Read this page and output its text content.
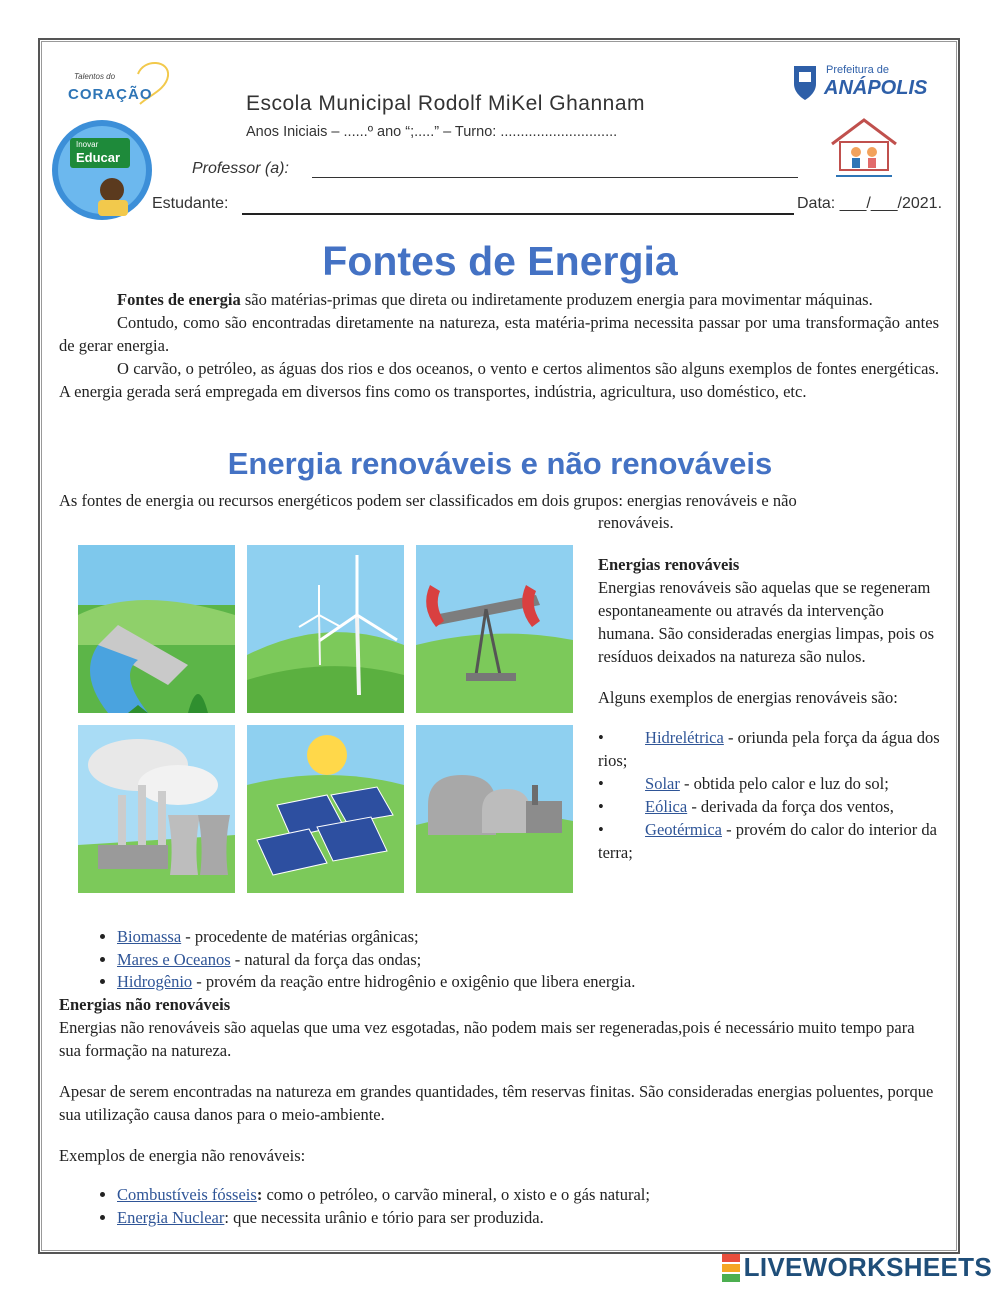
Talentos do
CORAÇÃO
Inovar
Educar
Escola Municipal Rodolf MiKel Ghannam
Anos Iniciais – ......º ano “;.....” – Turno: .............................
Professor (a):
Estudante:	Data: ___/___/2021.
Prefeitura de
ANÁPOLIS
Fontes de Energia
Fontes de energia são matérias-primas que direta ou indiretamente produzem energia para movimentar máquinas.
Contudo, como são encontradas diretamente na natureza, esta matéria-prima necessita passar por uma transformação antes de gerar energia.
O carvão, o petróleo, as águas dos rios e dos oceanos, o vento e certos alimentos são alguns exemplos de fontes energéticas. A energia gerada será empregada em diversos fins como os transportes, indústria, agricultura, uso doméstico, etc.
Energia renováveis e não renováveis
As fontes de energia ou recursos energéticos podem ser classificados em dois grupos: energias renováveis e não
renováveis.
Energias renováveis
Energias renováveis são aquelas que se regeneram espontaneamente ou através da intervenção humana. São consideradas energias limpas, pois os resíduos deixados na natureza são nulos.
Alguns exemplos de energias renováveis são:
•          Hidrelétrica - oriunda pela força da água dos rios;
•          Solar - obtida pelo calor e luz do sol;
•          Eólica - derivada da força dos ventos,
•          Geotérmica - provém do calor do interior da terra;
• Biomassa - procedente de matérias orgânicas;
• Mares e Oceanos - natural da força das ondas;
• Hidrogênio - provém da reação entre hidrogênio e oxigênio que libera energia.
Energias não renováveis
Energias não renováveis são aquelas que uma vez esgotadas, não podem mais ser regeneradas,pois é necessário muito tempo para sua formação na natureza.
Apesar de serem encontradas na natureza em grandes quantidades, têm reservas finitas. São consideradas energias poluentes, porque sua utilização causa danos para o meio-ambiente.
Exemplos de energia não renováveis:
• Combustíveis fósseis: como o petróleo, o carvão mineral, o xisto e o gás natural;
• Energia Nuclear: que necessita urânio e tório para ser produzida.
LIVEWORKSHEETS
